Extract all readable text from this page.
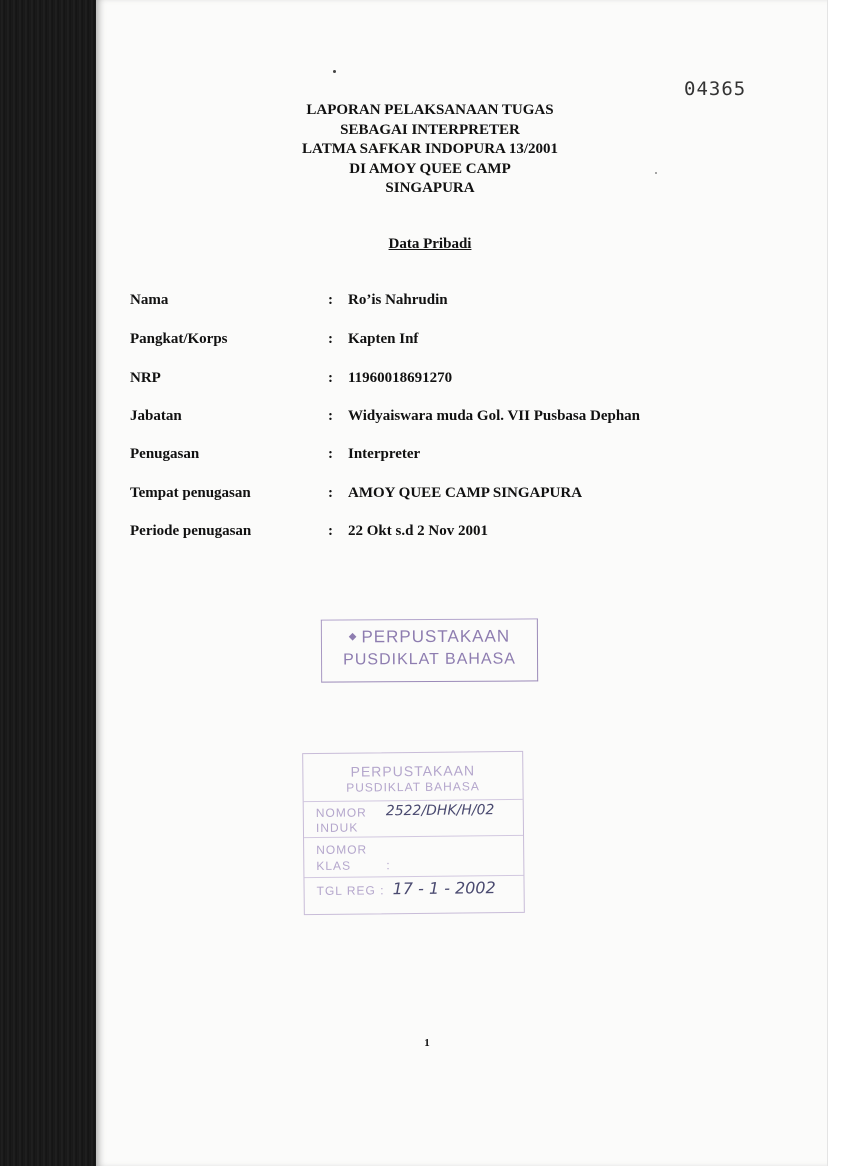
04365
LAPORAN PELAKSANAAN TUGAS
SEBAGAI INTERPRETER
LATMA SAFKAR INDOPURA 13/2001
DI AMOY QUEE CAMP
SINGAPURA
Data Pribadi
Nama	: Ro’is Nahrudin
Pangkat/Korps	: Kapten Inf
NRP	: 11960018691270
Jabatan	: Widyaiswara muda Gol. VII Pusbasa Dephan
Penugasan	: Interpreter
Tempat penugasan	: AMOY QUEE CAMP SINGAPURA
Periode penugasan	: 22 Okt s.d 2 Nov 2001
◆ PERPUSTAKAAN
PUSDIKLAT BAHASA
PERPUSTAKAAN
PUSDIKLAT BAHASA
NOMOR
INDUK
2522/DHK/H/02
NOMOR
KLAS	:
TGL REG : 17 - 1 - 2002
1
